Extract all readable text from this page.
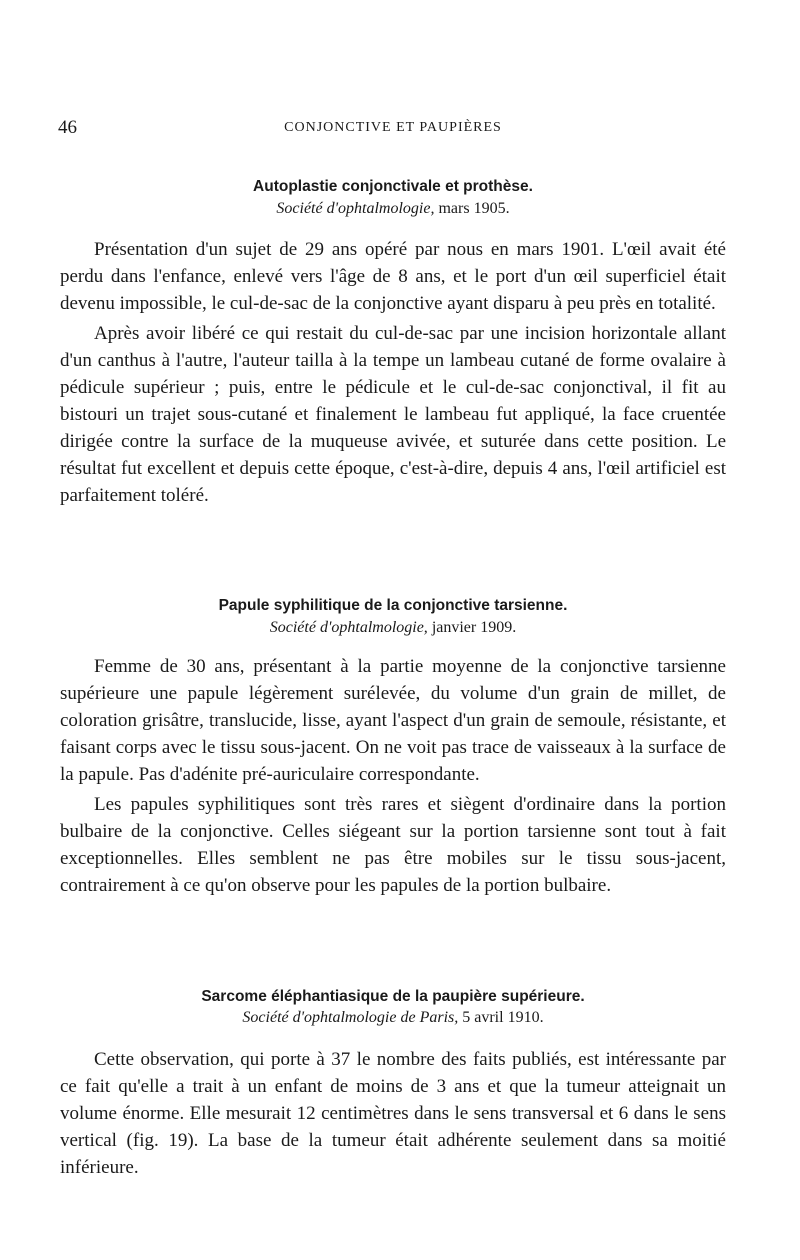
46	CONJONCTIVE ET PAUPIÈRES
Autoplastie conjonctivale et prothèse.
Société d'ophtalmologie, mars 1905.

Présentation d'un sujet de 29 ans opéré par nous en mars 1901. L'œil avait été perdu dans l'enfance, enlevé vers l'âge de 8 ans, et le port d'un œil superficiel était devenu impossible, le cul-de-sac de la conjonctive ayant disparu à peu près en totalité.

Après avoir libéré ce qui restait du cul-de-sac par une incision horizontale allant d'un canthus à l'autre, l'auteur tailla à la tempe un lambeau cutané de forme ovalaire à pédicule supérieur ; puis, entre le pédicule et le cul-de-sac conjonctival, il fit au bistouri un trajet sous-cutané et finalement le lambeau fut appliqué, la face cruentée dirigée contre la surface de la muqueuse avivée, et suturée dans cette position. Le résultat fut excellent et depuis cette époque, c'est-à-dire, depuis 4 ans, l'œil artificiel est parfaitement toléré.

Papule syphilitique de la conjonctive tarsienne.
Société d'ophtalmologie, janvier 1909.

Femme de 30 ans, présentant à la partie moyenne de la conjonctive tarsienne supérieure une papule légèrement surélevée, du volume d'un grain de millet, de coloration grisâtre, translucide, lisse, ayant l'aspect d'un grain de semoule, résistante, et faisant corps avec le tissu sous-jacent. On ne voit pas trace de vaisseaux à la surface de la papule. Pas d'adénite pré-auriculaire correspondante.

Les papules syphilitiques sont très rares et siègent d'ordinaire dans la portion bulbaire de la conjonctive. Celles siégeant sur la portion tarsienne sont tout à fait exceptionnelles. Elles semblent ne pas être mobiles sur le tissu sous-jacent, contrairement à ce qu'on observe pour les papules de la portion bulbaire.

Sarcome éléphantiasique de la paupière supérieure.
Société d'ophtalmologie de Paris, 5 avril 1910.

Cette observation, qui porte à 37 le nombre des faits publiés, est intéressante par ce fait qu'elle a trait à un enfant de moins de 3 ans et que la tumeur atteignait un volume énorme. Elle mesurait 12 centimètres dans le sens transversal et 6 dans le sens vertical (fig. 19). La base de la tumeur était adhérente seulement dans sa moitié inférieure.
